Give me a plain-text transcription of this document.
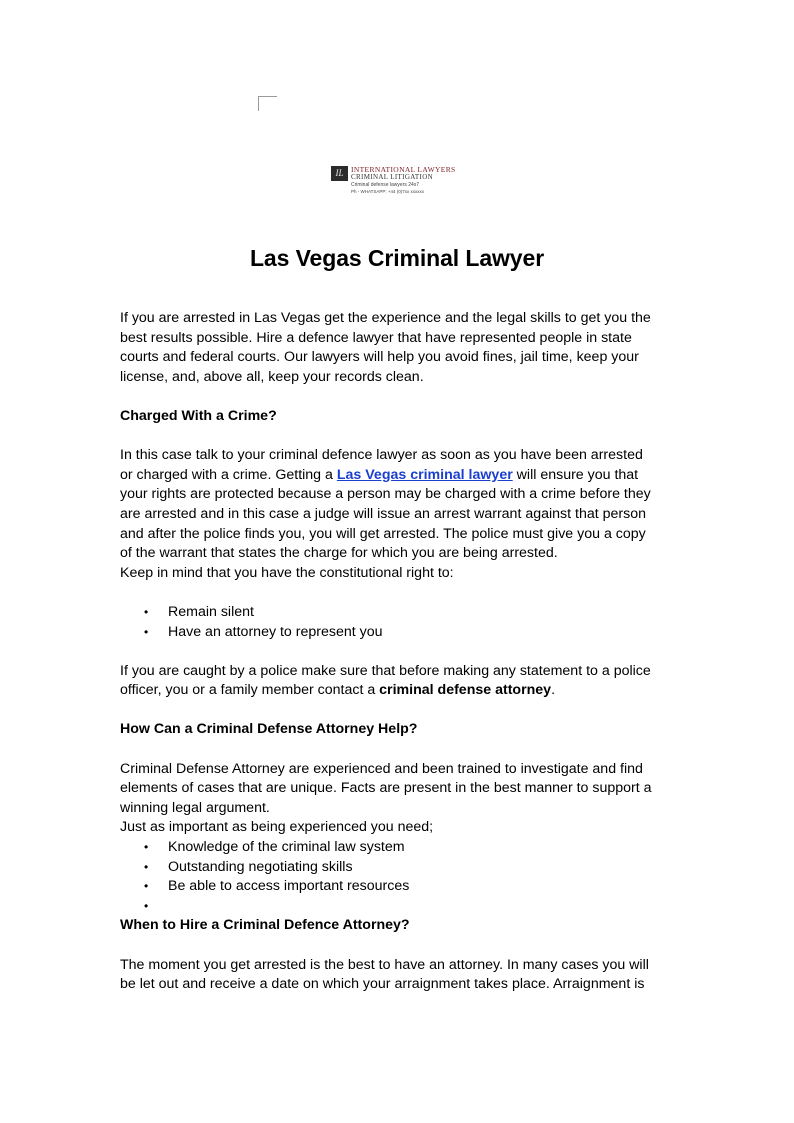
IL	INTERNATIONAL LAWYERS
CRIMINAL LITIGATION
Criminal defense lawyers 24x7
Ph - WHATSAPP: +44 (0)7xx xxxxxx
Las Vegas Criminal Lawyer

If you are arrested in Las Vegas get the experience and the legal skills to get you the

best results possible. Hire a defence lawyer that have represented people in state

courts and federal courts. Our lawyers will help you avoid fines, jail time, keep your

license, and, above all, keep your records clean.

Charged With a Crime?

In this case talk to your criminal defence lawyer as soon as you have been arrested

or charged with a crime. Getting a Las Vegas criminal lawyer will ensure you that

your rights are protected because a person may be charged with a crime before they

are arrested and in this case a judge will issue an arrest warrant against that person

and after the police finds you, you will get arrested. The police must give you a copy

of the warrant that states the charge for which you are being arrested.

Keep in mind that you have the constitutional right to:

• Remain silent
• Have an attorney to represent you

If you are caught by a police make sure that before making any statement to a police

officer, you or a family member contact a criminal defense attorney.

How Can a Criminal Defense Attorney Help?

Criminal Defense Attorney are experienced and been trained to investigate and find

elements of cases that are unique. Facts are present in the best manner to support a

winning legal argument.

Just as important as being experienced you need;

• Knowledge of the criminal law system
• Outstanding negotiating skills
• Be able to access important resources
•

When to Hire a Criminal Defence Attorney?

The moment you get arrested is the best to have an attorney. In many cases you will

be let out and receive a date on which your arraignment takes place. Arraignment is
